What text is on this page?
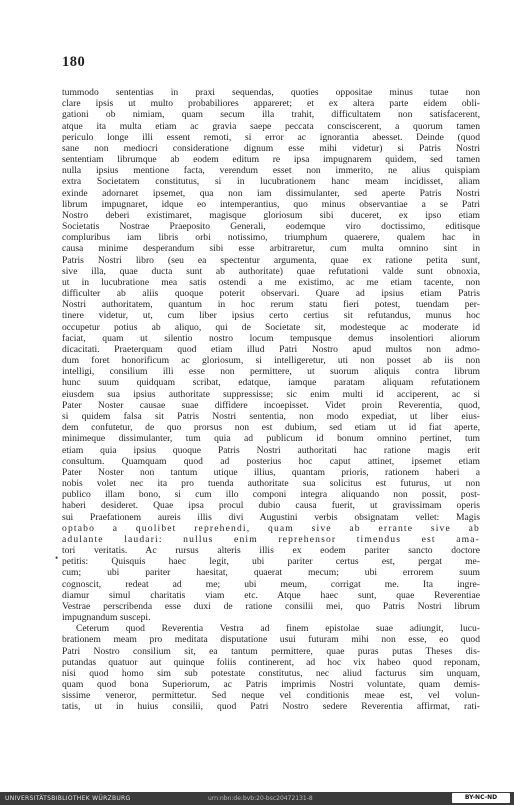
180
•
tummodo sententias in praxi sequendas, quoties oppositae minus tutae non
clare ipsis ut multo probabiliores appareret; et ex altera parte eidem obli-
gationi ob nimiam, quam secum illa trahit, difficultatem non satisfacerent,
atque ita multa etiam ac gravia saepe peccata consciscerent, a quorum tamen
periculo longe illi essent remoti, si error ac ignorantia abesset. Deinde (quod
sane non mediocri consideratione dignum esse mihi videtur) si Patris Nostri
sententiam librumque ab eodem editum re ipsa impugnarem quidem, sed tamen
nulla ipsius mentione facta, verendum esset non immerito, ne alius quispiam
extra Societatem constitutus, si in lucubrationem hanc meam incidisset, aliam
exinde adornaret ipsemet, qua non iam dissimulanter, sed aperte Patris Nostri
librum impugnaret, idque eo intemperantius, quo minus observantiae a se Patri
Nostro deberi existimaret, magisque gloriosum sibi duceret, ex ipso etiam
Societatis Nostrae Praeposito Generali, eodemque viro doctissimo, editisque
compluribus iam libris orbi notissimo, triumphum quaerere, qualem hac in
causa minime desperandum sibi esse arbitraretur, cum multa omnino sint in
Patris Nostri libro (seu ea spectentur argumenta, quae ex ratione petita sunt,
sive illa, quae ducta sunt ab authoritate) quae refutationi valde sunt obnoxia,
ut in lucubratione mea satis ostendi a me existimo, ac me etiam tacente, non
difficulter ab aliis quoque poterit observari. Quare ad ipsius etiam Patris
Nostri authoritatem, quantum in hoc rerum statu fieri potest, tuendam per-
tinere videtur, ut, cum liber ipsius certo certius sit refutandus, munus hoc
occupetur potius ab aliquo, qui de Societate sit, modesteque ac moderate id
faciat, quam ut silentio nostro locum tempusque demus insolentiori aliorum
dicacitati. Praeterquam quod etiam illud Patri Nostro apud multos non admo-
dum foret honorificum ac gloriosum, si intelligeretur, uti non posset ab iis non
intelligi, consilium illi esse non permittere, ut suorum aliquis contra librum
hunc suum quidquam scribat, edatque, iamque paratam aliquam refutationem
eiusdem sua ipsius authoritate suppressisse; sic enim multi id acciperent, ac si
Pater Noster causae suae diffidere incoepisset. Videt proin Reverentia, quod,
si quidem falsa sit Patris Nostri sententia, non modo expediat, ut liber eius-
dem confutetur, de quo prorsus non est dubium, sed etiam ut id fiat aperte,
minimeque dissimulanter, tum quia ad publicum id bonum omnino pertinet, tum
etiam quia ipsius quoque Patris Nostri authoritati hac ratione magis erit
consultum. Quamquam quod ad posterius hoc caput attinet, ipsemet etiam
Pater Noster non tantum utique illius, quantam prioris, rationem haberi a
nobis volet nec ita pro tuenda authoritate sua solicitus est futurus, ut non
publico illam bono, si cum illo componi integra aliquando non possit, post-
haberi desideret. Quae ipsa procul dubio causa fuerit, ut gravissimam operis
sui Praefationem aureis illis divi Augustini verbis obsignatam vellet: Magis
optabo a quolibet reprehendi, quam sive ab errante sive ab
adulante laudari: nullus enim reprehensor timendus est ama-
tori veritatis. Ac rursus alteris illis ex eodem pariter sancto doctore
petitis: Quisquis haec legit, ubi pariter certus est, pergat me-
cum; ubi pariter haesitat, quaerat mecum; ubi errorem suum
cognoscit, redeat ad me; ubi meum, corrigat me. Ita ingre-
diamur simul charitatis viam etc. Atque haec sunt, quae Reverentiae
Vestrae perscribenda esse duxi de ratione consilii mei, quo Patris Nostri librum
impugnandum suscepi.
Ceterum quod Reverentia Vestra ad finem epistolae suae adiungit, lucu-
brationem meam pro meditata disputatione usui futuram mihi non esse, eo quod
Patri Nostro consilium sit, ea tantum permittere, quae puras putas Theses dis-
putandas quatuor aut quinque foliis continerent, ad hoc vix habeo quod reponam,
nisi quod homo sim sub potestate constitutus, nec aliud facturus sim unquam,
quam quod bona Superiorum, ac Patris imprimis Nostri voluntate, quam demis-
sissime veneror, permittetur. Sed neque vel conditionis meae est, vel volun-
tatis, ut in huius consilii, quod Patri Nostro sedere Reverentia affirmat, rati-
UNIVERSITÄTSBIBLIOTHEK WÜRZBURG	urn:nbn:de:bvb:20-bsc20472131-8	BY-NC-ND
